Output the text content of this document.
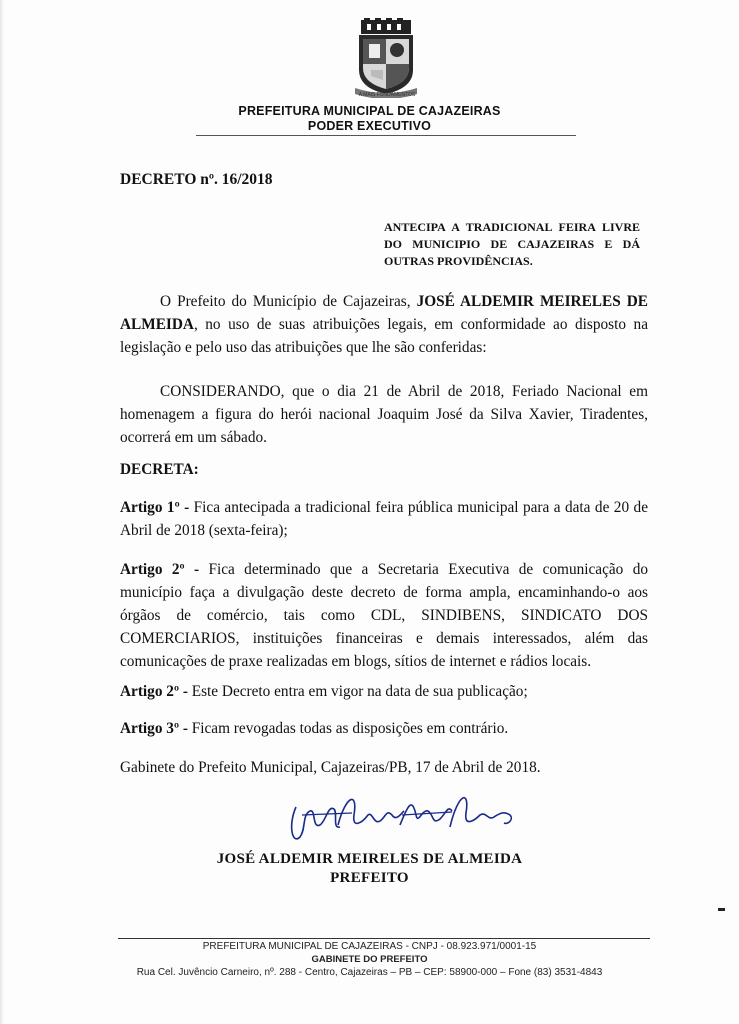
A MAIS FUNDAMENTOS
PREFEITURA MUNICIPAL DE CAJAZEIRAS
PODER EXECUTIVO
DECRETO nº. 16/2018
ANTECIPA A TRADICIONAL FEIRA LIVRE DO MUNICIPIO DE CAJAZEIRAS E DÁ OUTRAS PROVIDÊNCIAS.
O Prefeito do Município de Cajazeiras, JOSÉ ALDEMIR MEIRELES DE ALMEIDA, no uso de suas atribuições legais, em conformidade ao disposto na legislação e pelo uso das atribuições que lhe são conferidas:
CONSIDERANDO, que o dia 21 de Abril de 2018, Feriado Nacional em homenagem a figura do herói nacional Joaquim José da Silva Xavier, Tiradentes, ocorrerá em um sábado.
DECRETA:
Artigo 1º - Fica antecipada a tradicional feira pública municipal para a data de 20 de Abril de 2018 (sexta-feira);
Artigo 2º - Fica determinado que a Secretaria Executiva de comunicação do município faça a divulgação deste decreto de forma ampla, encaminhando-o aos órgãos de comércio, tais como CDL, SINDIBENS, SINDICATO DOS COMERCIARIOS, instituições financeiras e demais interessados, além das comunicações de praxe realizadas em blogs, sítios de internet e rádios locais.
Artigo 2º - Este Decreto entra em vigor na data de sua publicação;
Artigo 3º - Ficam revogadas todas as disposições em contrário.
Gabinete do Prefeito Municipal, Cajazeiras/PB, 17 de Abril de 2018.
JOSÉ ALDEMIR MEIRELES DE ALMEIDA
PREFEITO
PREFEITURA MUNICIPAL DE CAJAZEIRAS - CNPJ - 08.923.971/0001-15
GABINETE DO PREFEITO
Rua Cel. Juvêncio Carneiro, nº. 288 - Centro, Cajazeiras – PB – CEP: 58900-000 – Fone (83) 3531-4843
